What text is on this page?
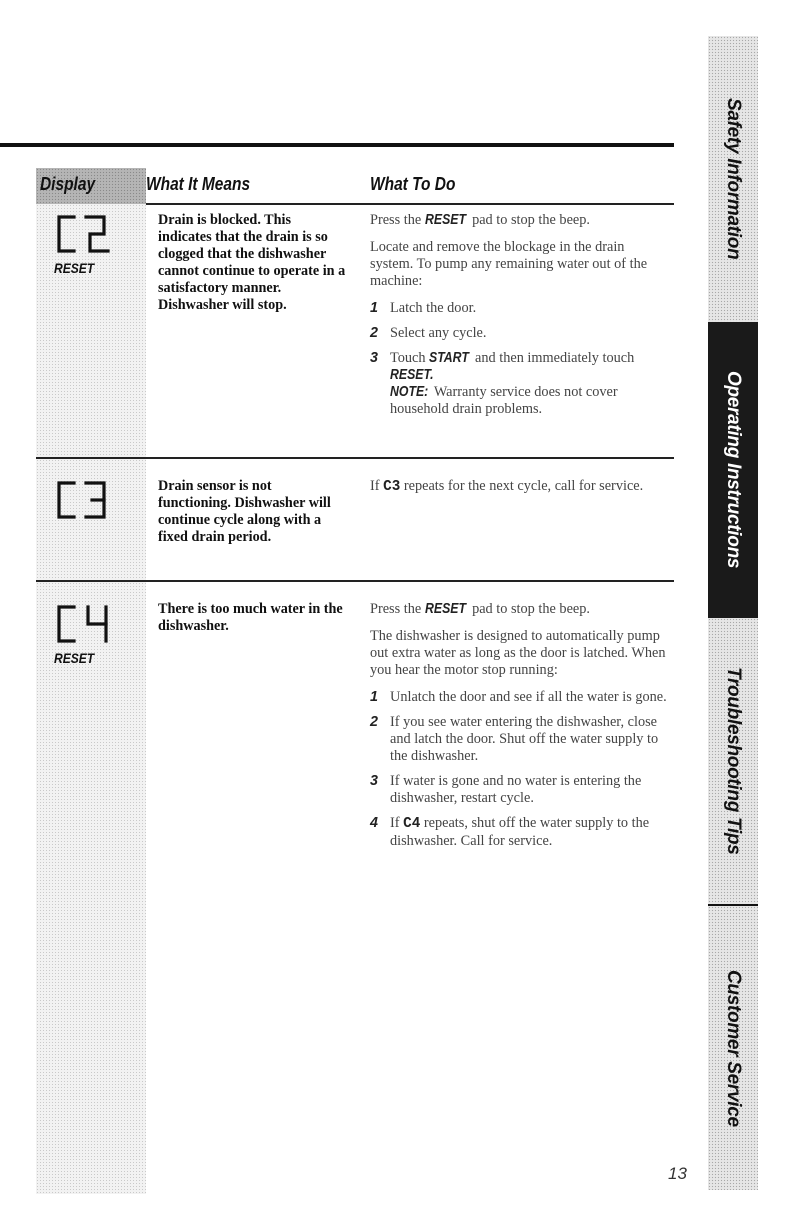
Display	What It Means	What To Do
RESET
Drain is blocked. This indicates that the drain is so clogged that the dishwasher cannot continue to operate in a satisfactory manner. Dishwasher will stop.

Press the RESET pad to stop the beep.

Locate and remove the blockage in the drain system. To pump any remaining water out of the machine:

1 Latch the door.
2 Select any cycle.
3 Touch START and then immediately touch RESET.
NOTE: Warranty service does not cover household drain problems.
Drain sensor is not functioning. Dishwasher will continue cycle along with a fixed drain period.

If C3 repeats for the next cycle, call for service.

RESET
There is too much water in the dishwasher.

Press the RESET pad to stop the beep.

The dishwasher is designed to automatically pump out extra water as long as the door is latched. When you hear the motor stop running:

1 Unlatch the door and see if all the water is gone.
2 If you see water entering the dishwasher, close and latch the door. Shut off the water supply to the dishwasher.
3 If water is gone and no water is entering the dishwasher, restart cycle.
4 If C4 repeats, shut off the water supply to the dishwasher. Call for service.
Safety Information
Operating Instructions
Troubleshooting Tips
Customer Service
13
